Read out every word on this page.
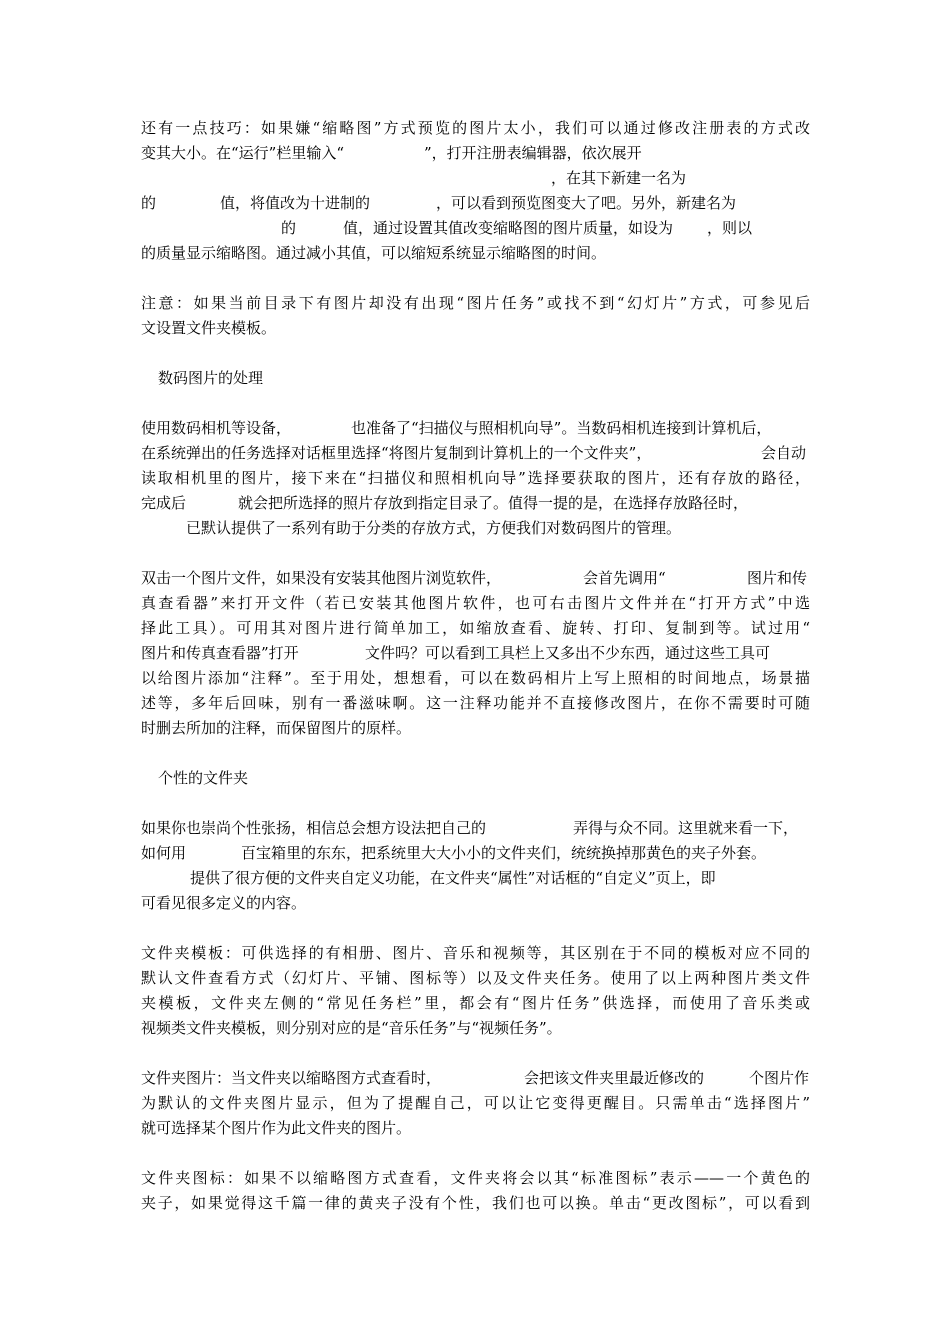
还有一点技巧：如果嫌“缩略图”方式预览的图片太小，我们可以通过修改注册表的方式改
变其大小。在“运行”栏里输入“	”，打开注册表编辑器，依次展开
，在其下新建一名为
的	值，将值改为十进制的	，可以看到预览图变大了吧。另外，新建名为
的	值，通过设置其值改变缩略图的图片质量，如设为 ，则以
的质量显示缩略图。通过减小其值，可以缩短系统显示缩略图的时间。
注意：如果当前目录下有图片却没有出现“图片任务”或找不到“幻灯片”方式，可参见后
文设置文件夹模板。
数码图片的处理
使用数码相机等设备，	也准备了“扫描仪与照相机向导”。当数码相机连接到计算机后，
在系统弹出的任务选择对话框里选择“将图片复制到计算机上的一个文件夹”，	会自动
读取相机里的图片，接下来在“扫描仪和照相机向导”选择要获取的图片，还有存放的路径，
完成后	就会把所选择的照片存放到指定目录了。值得一提的是，在选择存放路径时，
已默认提供了一系列有助于分类的存放方式，方便我们对数码图片的管理。
双击一个图片文件，如果没有安装其他图片浏览软件，	会首先调用“	图片和传
真查看器”来打开文件（若已安装其他图片软件，也可右击图片文件并在“打开方式”中选
择此工具）。可用其对图片进行简单加工，如缩放查看、旋转、打印、复制到等。试过用“
图片和传真查看器”打开	文件吗？可以看到工具栏上又多出不少东西，通过这些工具可
以给图片添加“注释”。至于用处，想想看，可以在数码相片上写上照相的时间地点，场景描
述等，多年后回味，别有一番滋味啊。这一注释功能并不直接修改图片，在你不需要时可随
时删去所加的注释，而保留图片的原样。
个性的文件夹
如果你也崇尚个性张扬，相信总会想方设法把自己的	弄得与众不同。这里就来看一下，
如何用	百宝箱里的东东，把系统里大大小小的文件夹们，统统换掉那黄色的夹子外套。
提供了很方便的文件夹自定义功能，在文件夹“属性”对话框的“自定义”页上，即
可看见很多定义的内容。
文件夹模板：可供选择的有相册、图片、音乐和视频等，其区别在于不同的模板对应不同的
默认文件查看方式（幻灯片、平铺、图标等）以及文件夹任务。使用了以上两种图片类文件
夹模板，文件夹左侧的“常见任务栏”里，都会有“图片任务”供选择，而使用了音乐类或
视频类文件夹模板，则分别对应的是“音乐任务”与“视频任务”。
文件夹图片：当文件夹以缩略图方式查看时，	会把该文件夹里最近修改的	个图片作
为默认的文件夹图片显示，但为了提醒自己，可以让它变得更醒目。只需单击“选择图片”
就可选择某个图片作为此文件夹的图片。
文件夹图标：如果不以缩略图方式查看，文件夹将会以其“标准图标”表示——一个黄色的
夹子，如果觉得这千篇一律的黄夹子没有个性，我们也可以换。单击“更改图标”，可以看到
